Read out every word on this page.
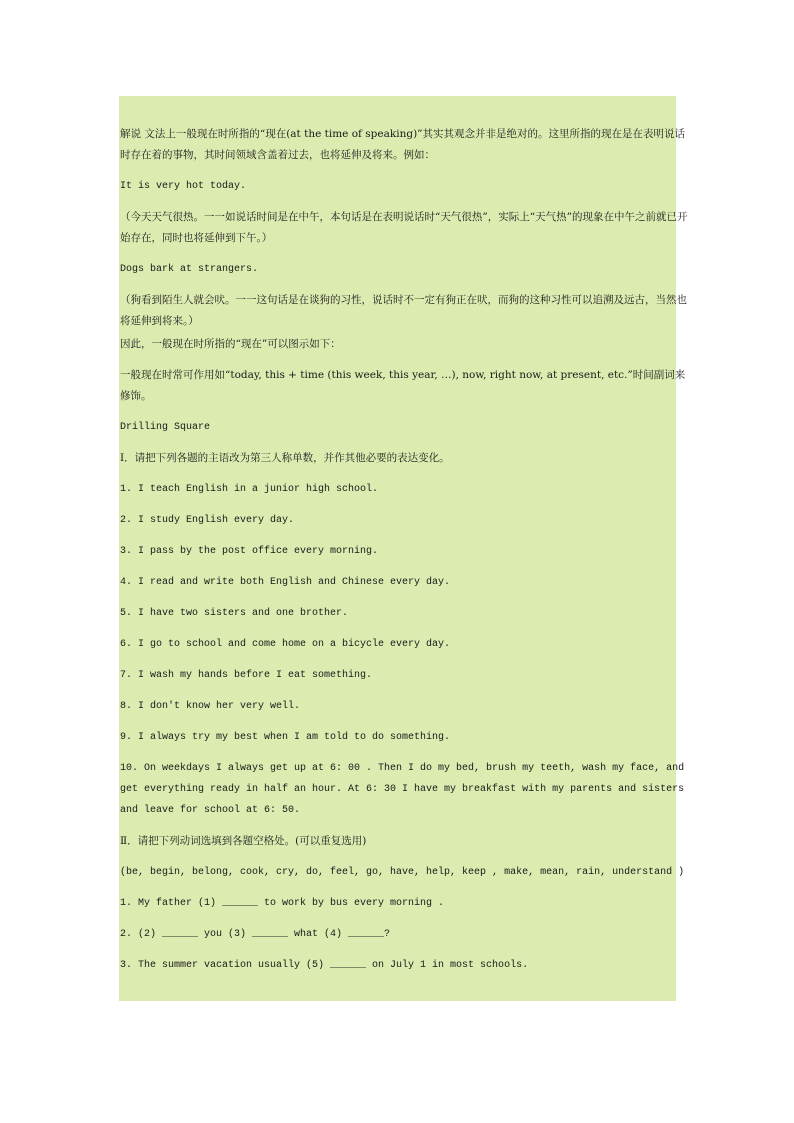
解说 文法上一般现在时所指的“现在(at the time of speaking)”其实其观念并非是绝对的。这里所指的现在是在表明说话时存在着的事物，其时间领域含盖着过去，也将延伸及将来。例如：

It is very hot today.

（今天天气很热。一一如说话时间是在中午，本句话是在表明说话时“天气很热”，实际上“天气热”的现象在中午之前就已开始存在，同时也将延伸到下午。）

Dogs bark at strangers.

（狗看到陌生人就会吠。一一这句话是在谈狗的习性，说话时不一定有狗正在吠，而狗的这种习性可以追溯及远古，当然也将延伸到将来。）

因此，一般现在时所指的“现在”可以图示如下：

一般现在时常可作用如“today, this + time (this week, this year, …), now, right now, at present, etc.”时间副词来修饰。

Drilling Square

Ⅰ．请把下列各题的主语改为第三人称单数，并作其他必要的表达变化。

1. I teach English in a junior high school.

2. I study English every day.

3. I pass by the post office every morning.

4. I read and write both English and Chinese every day.

5. I have two sisters and one brother.

6. I go to school and come home on a bicycle every day.

7. I wash my hands before I eat something.

8. I don't know her very well.

9. I always try my best when I am told to do something.

10. On weekdays I always get up at 6: 00 . Then I do my bed, brush my teeth, wash my face, and get everything ready in half an hour. At 6: 30 I have my breakfast with my parents and sisters and leave for school at 6: 50.

Ⅱ．请把下列动词选填到各题空格处。(可以重复选用)

(be, begin, belong, cook, cry, do, feel, go, have, help, keep , make, mean, rain, understand )

1. My father (1) ______ to work by bus every morning .

2. (2) ______ you (3) ______ what (4) ______?

3. The summer vacation usually (5) ______ on July 1 in most schools.
